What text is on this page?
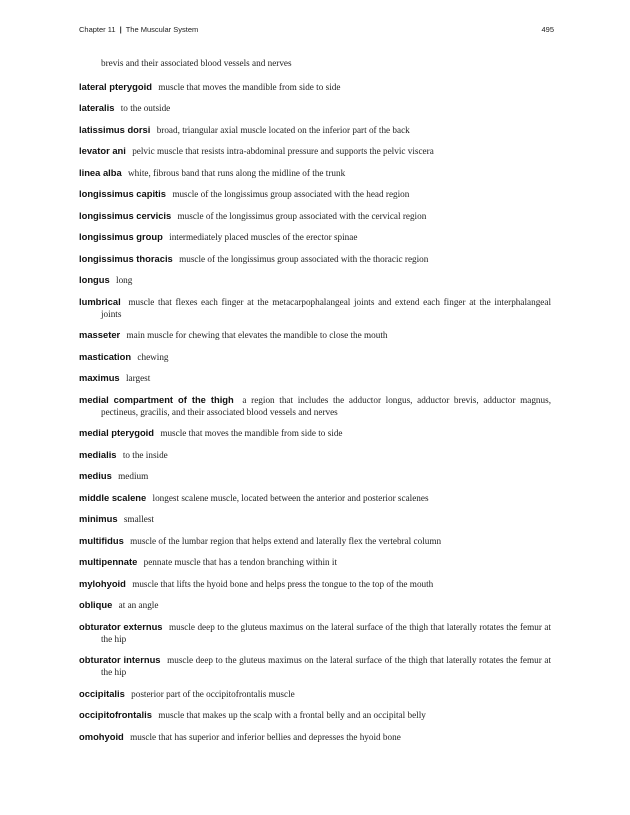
Chapter 11 | The Muscular System	495

brevis and their associated blood vessels and nerves

lateral pterygoid muscle that moves the mandible from side to side

lateralis to the outside

latissimus dorsi broad, triangular axial muscle located on the inferior part of the back

levator ani pelvic muscle that resists intra-abdominal pressure and supports the pelvic viscera

linea alba white, fibrous band that runs along the midline of the trunk

longissimus capitis muscle of the longissimus group associated with the head region

longissimus cervicis muscle of the longissimus group associated with the cervical region

longissimus group intermediately placed muscles of the erector spinae

longissimus thoracis muscle of the longissimus group associated with the thoracic region

longus long

lumbrical muscle that flexes each finger at the metacarpophalangeal joints and extend each finger at the interphalangeal joints

masseter main muscle for chewing that elevates the mandible to close the mouth

mastication chewing

maximus largest

medial compartment of the thigh a region that includes the adductor longus, adductor brevis, adductor magnus, pectineus, gracilis, and their associated blood vessels and nerves

medial pterygoid muscle that moves the mandible from side to side

medialis to the inside

medius medium

middle scalene longest scalene muscle, located between the anterior and posterior scalenes

minimus smallest

multifidus muscle of the lumbar region that helps extend and laterally flex the vertebral column

multipennate pennate muscle that has a tendon branching within it

mylohyoid muscle that lifts the hyoid bone and helps press the tongue to the top of the mouth

oblique at an angle

obturator externus muscle deep to the gluteus maximus on the lateral surface of the thigh that laterally rotates the femur at the hip

obturator internus muscle deep to the gluteus maximus on the lateral surface of the thigh that laterally rotates the femur at the hip

occipitalis posterior part of the occipitofrontalis muscle

occipitofrontalis muscle that makes up the scalp with a frontal belly and an occipital belly

omohyoid muscle that has superior and inferior bellies and depresses the hyoid bone
